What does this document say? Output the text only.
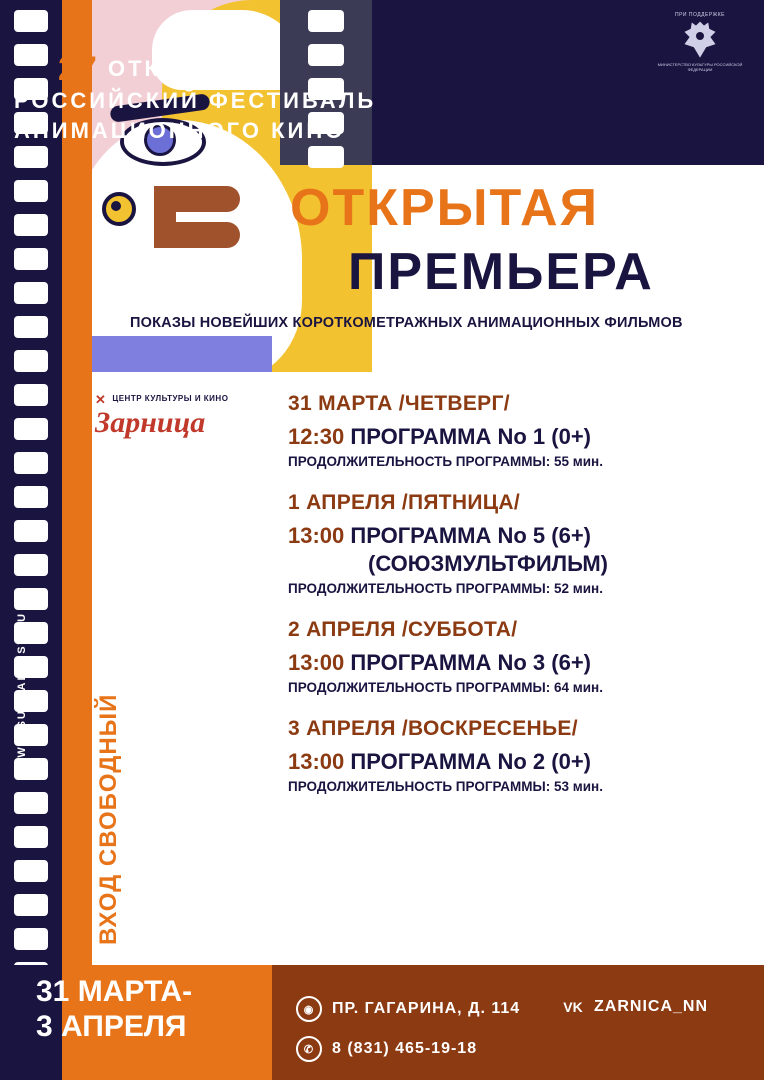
WWW.SUZDALFEST.RU
ВХОД СВОБОДНЫЙ
27 ОТКРЫТЫЙ
РОССИЙСКИЙ ФЕСТИВАЛЬ
АНИМАЦИОННОГО КИНО
ПРИ ПОДДЕРЖКЕ
МИНИСТЕРСТВО КУЛЬТУРЫ РОССИЙСКОЙ ФЕДЕРАЦИИ
ОТКРЫТАЯ
ПРЕМЬЕРА
ПОКАЗЫ НОВЕЙШИХ КОРОТКОМЕТРАЖНЫХ АНИМАЦИОННЫХ ФИЛЬМОВ
✕ ЦЕНТР КУЛЬТУРЫ И КИНО
Зарница
31 МАРТА /ЧЕТВЕРГ/
12:30 ПРОГРАММА No 1 (0+)
ПРОДОЛЖИТЕЛЬНОСТЬ ПРОГРАММЫ: 55 мин.
1 АПРЕЛЯ /ПЯТНИЦА/
13:00 ПРОГРАММА No 5 (6+)
(СОЮЗМУЛЬТФИЛЬМ)
ПРОДОЛЖИТЕЛЬНОСТЬ ПРОГРАММЫ: 52 мин.
2 АПРЕЛЯ /СУББОТА/
13:00 ПРОГРАММА No 3 (6+)
ПРОДОЛЖИТЕЛЬНОСТЬ ПРОГРАММЫ: 64 мин.
3 АПРЕЛЯ /ВОСКРЕСЕНЬЕ/
13:00 ПРОГРАММА No 2 (0+)
ПРОДОЛЖИТЕЛЬНОСТЬ ПРОГРАММЫ: 53 мин.
31 МАРТА-
3 АПРЕЛЯ	◉	ПР. ГАГАРИНА, Д. 114
✆	8 (831) 465-19-18
VK ZARNICA_NN
